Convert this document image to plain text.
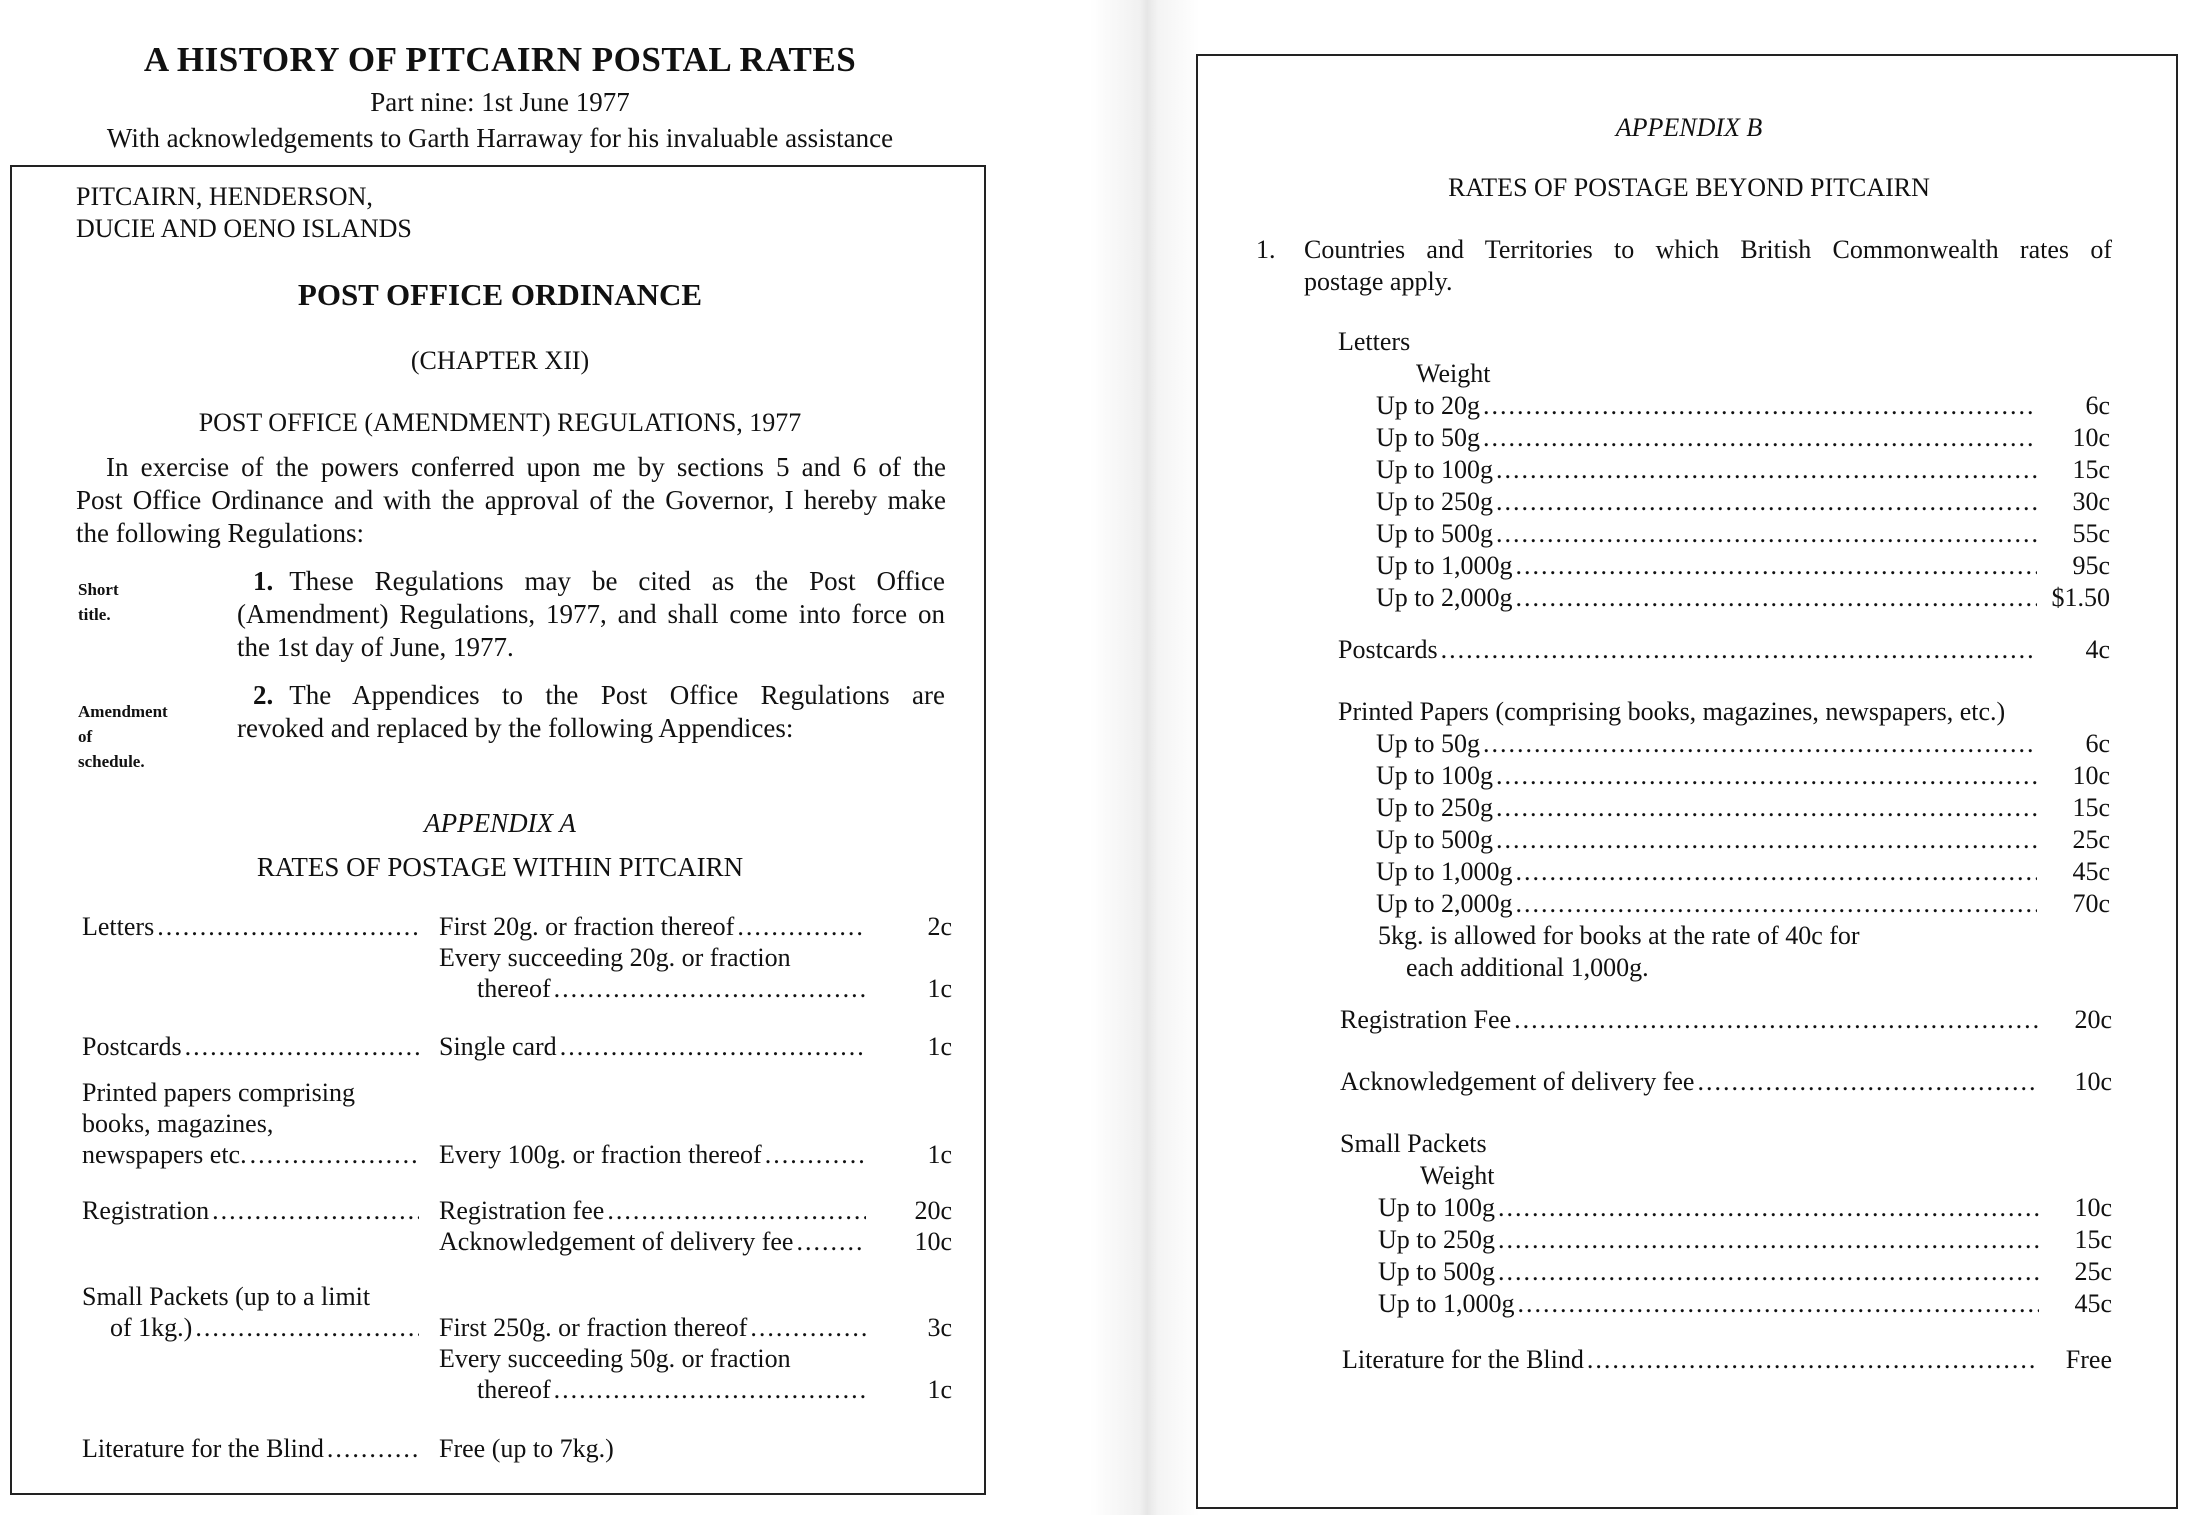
A HISTORY OF PITCAIRN POSTAL RATES
Part nine: 1st June 1977
With acknowledgements to Garth Harraway for his invaluable assistance
PITCAIRN, HENDERSON,
DUCIE AND OENO ISLANDS
POST OFFICE ORDINANCE
(CHAPTER XII)
POST OFFICE (AMENDMENT) REGULATIONS, 1977
In exercise of the powers conferred upon me by sections 5 and 6 of the
Post Office Ordinance and with the approval of the Governor, I hereby make
the following Regulations:
Short
title.
1. These Regulations may be cited as the Post Office
(Amendment) Regulations, 1977, and shall come into force on
the 1st day of June, 1977.
Amendment
of
schedule.
2. The Appendices to the Post Office Regulations are
revoked and replaced by the following Appendices:
APPENDIX A
RATES OF POSTAGE WITHIN PITCAIRN
Letters .....	First 20g. or fraction thereof .....	2c
Every succeeding 20g. or fraction
thereof .....	1c
Postcards .....	Single card .....	1c
Printed papers comprising
books, magazines,
newspapers etc. .....	Every 100g. or fraction thereof .....	1c
Registration .....	Registration fee .....	20c
Acknowledgement of delivery fee .....	10c
Small Packets (up to a limit
of 1kg.) .....	First 250g. or fraction thereof .....	3c
Every succeeding 50g. or fraction
thereof .....	1c
Literature for the Blind .....	Free (up to 7kg.)
APPENDIX B
RATES OF POSTAGE BEYOND PITCAIRN
1.	Countries and Territories to which British Commonwealth rates of
postage apply.
Letters
Weight
Up to 20g .....	6c
Up to 50g .....	10c
Up to 100g .....	15c
Up to 250g .....	30c
Up to 500g .....	55c
Up to 1,000g .....	95c
Up to 2,000g .....	$1.50
Postcards .....	4c
Printed Papers (comprising books, magazines, newspapers, etc.)
Up to 50g .....	6c
Up to 100g .....	10c
Up to 250g .....	15c
Up to 500g .....	25c
Up to 1,000g .....	45c
Up to 2,000g .....	70c
5kg. is allowed for books at the rate of 40c for
each additional 1,000g.
Registration Fee .....	20c
Acknowledgement of delivery fee .....	10c
Small Packets
Weight
Up to 100g .....	10c
Up to 250g .....	15c
Up to 500g .....	25c
Up to 1,000g .....	45c
Literature for the Blind .....	Free
